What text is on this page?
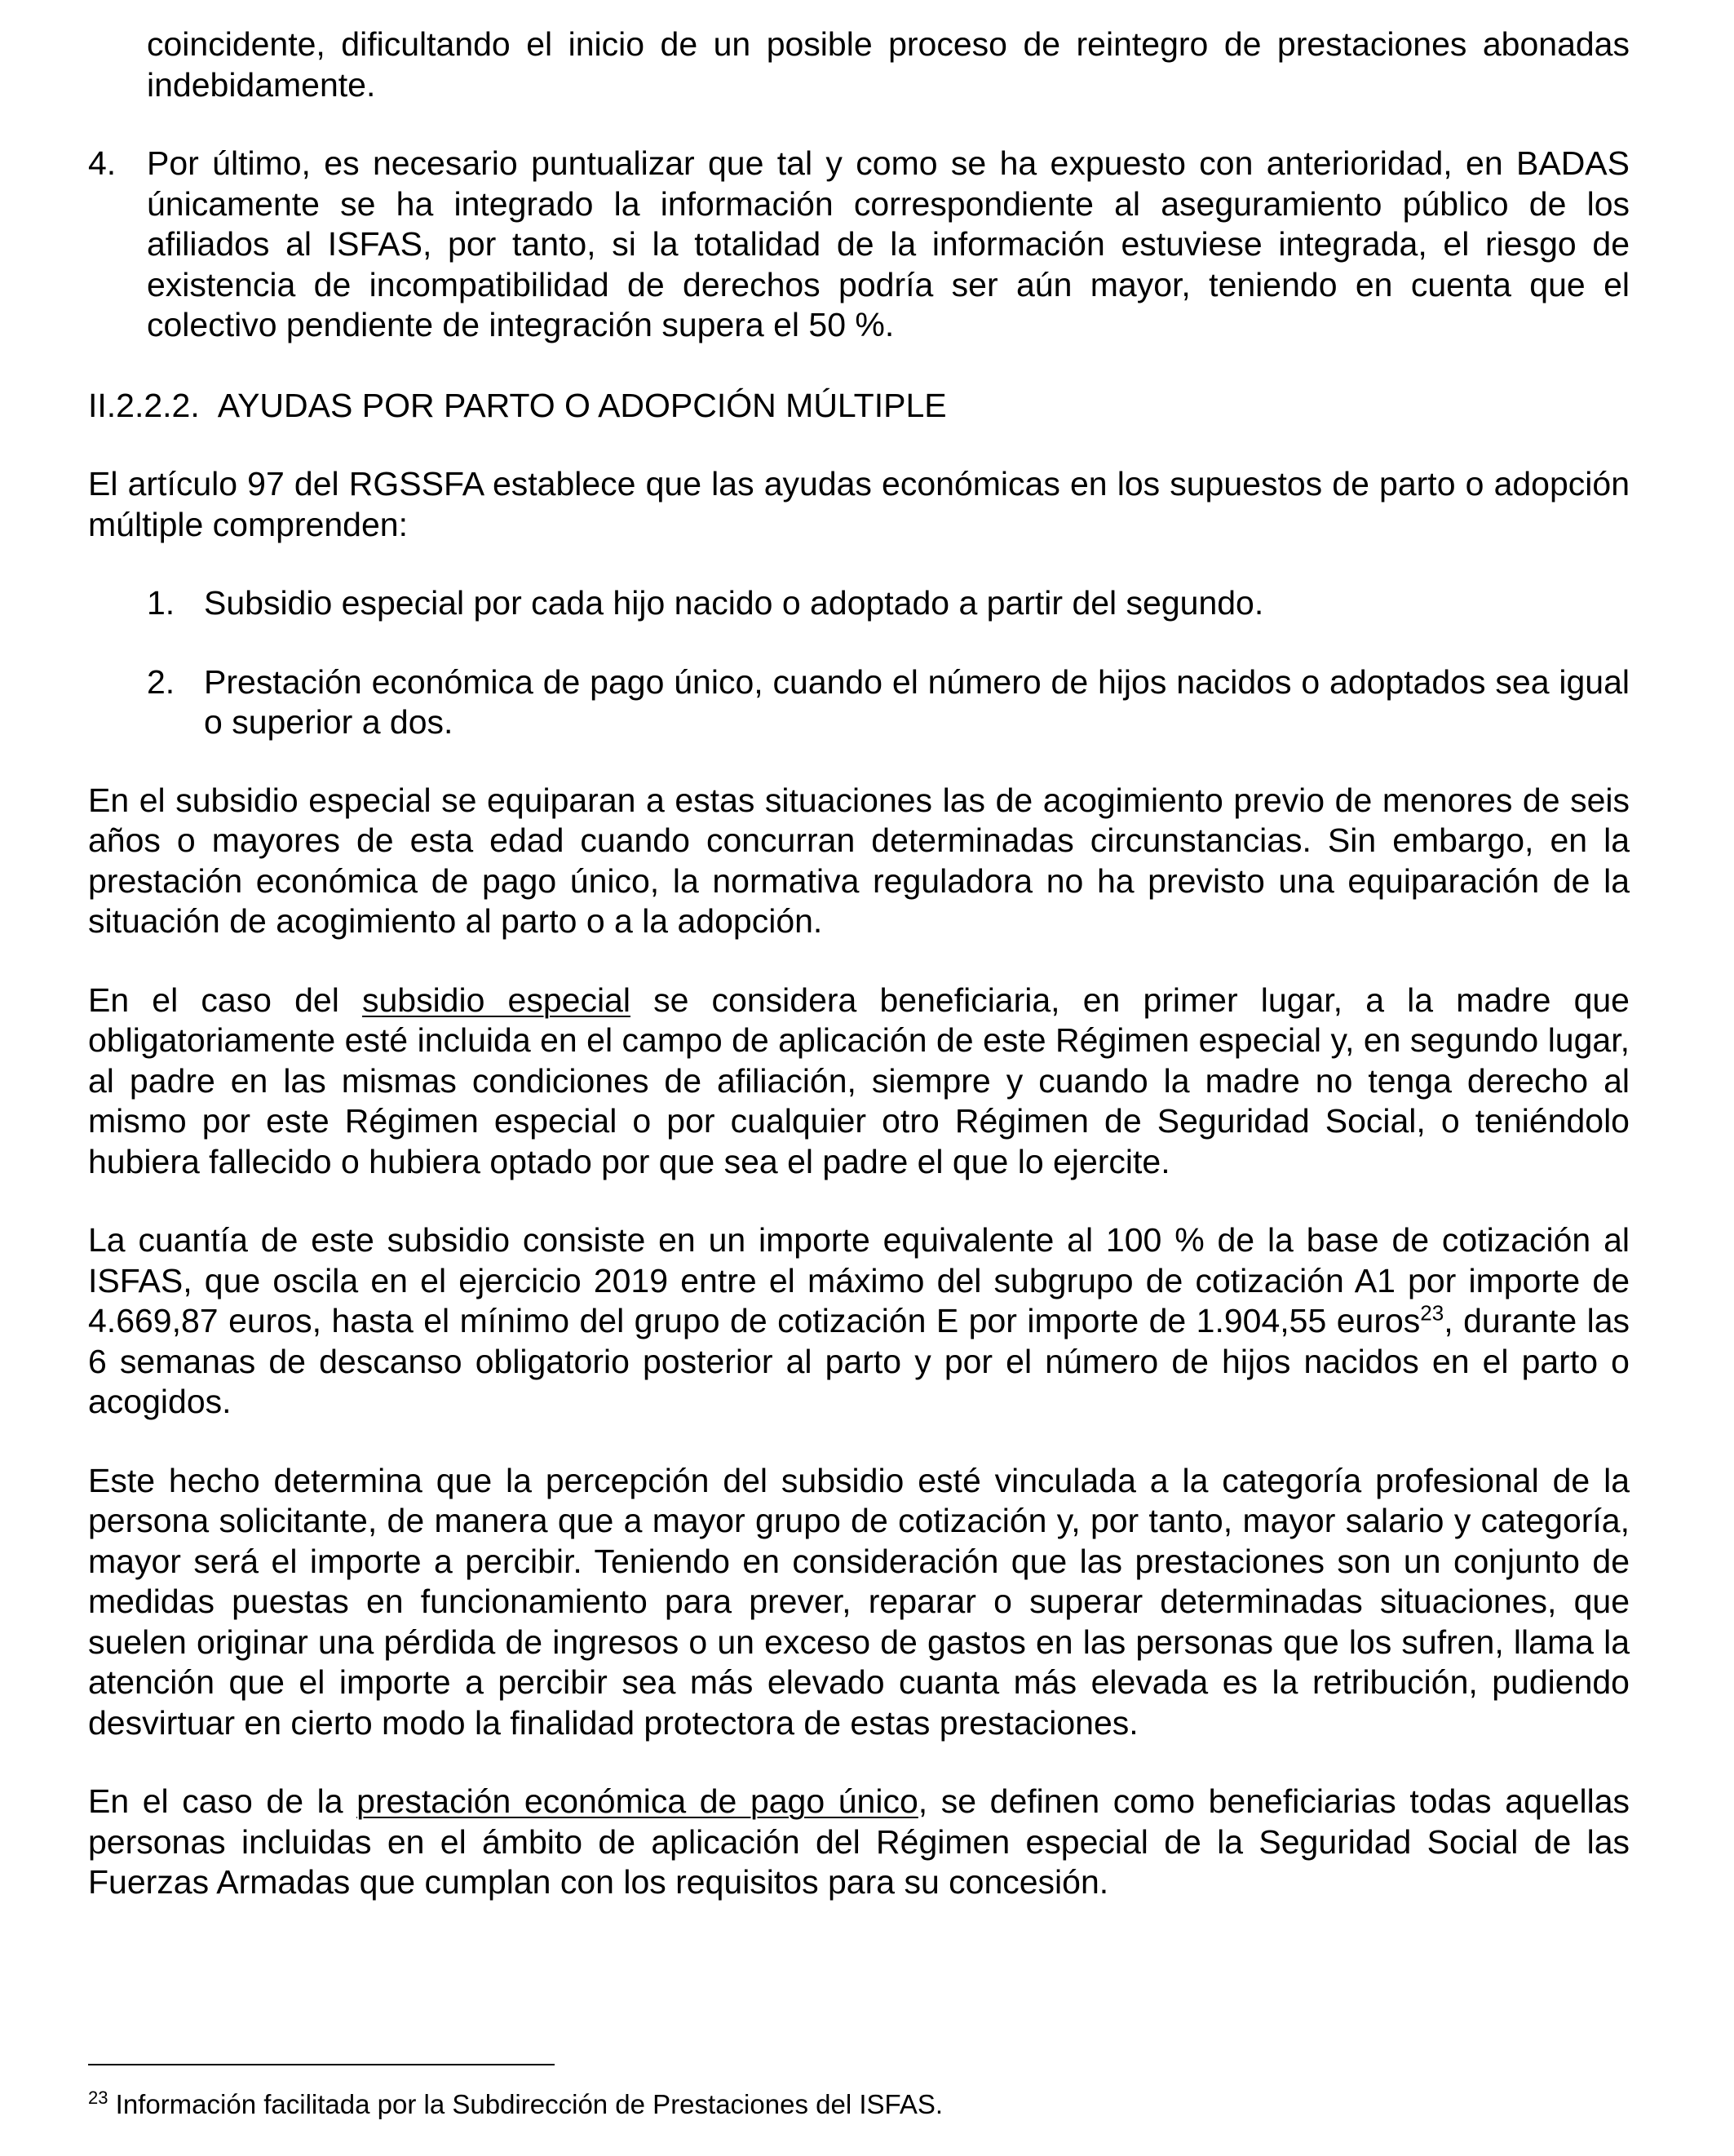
coincidente, dificultando el inicio de un posible proceso de reintegro de prestaciones abonadas indebidamente.

4. Por último, es necesario puntualizar que tal y como se ha expuesto con anterioridad, en BADAS únicamente se ha integrado la información correspondiente al aseguramiento público de los afiliados al ISFAS, por tanto, si la totalidad de la información estuviese integrada, el riesgo de existencia de incompatibilidad de derechos podría ser aún mayor, teniendo en cuenta que el colectivo pendiente de integración supera el 50 %.

II.2.2.2. AYUDAS POR PARTO O ADOPCIÓN MÚLTIPLE

El artículo 97 del RGSSFA establece que las ayudas económicas en los supuestos de parto o adopción múltiple comprenden:

1. Subsidio especial por cada hijo nacido o adoptado a partir del segundo.
2. Prestación económica de pago único, cuando el número de hijos nacidos o adoptados sea igual o superior a dos.

En el subsidio especial se equiparan a estas situaciones las de acogimiento previo de menores de seis años o mayores de esta edad cuando concurran determinadas circunstancias. Sin embargo, en la prestación económica de pago único, la normativa reguladora no ha previsto una equiparación de la situación de acogimiento al parto o a la adopción.

En el caso del subsidio especial se considera beneficiaria, en primer lugar, a la madre que obligatoriamente esté incluida en el campo de aplicación de este Régimen especial y, en segundo lugar, al padre en las mismas condiciones de afiliación, siempre y cuando la madre no tenga derecho al mismo por este Régimen especial o por cualquier otro Régimen de Seguridad Social, o teniéndolo hubiera fallecido o hubiera optado por que sea el padre el que lo ejercite.

La cuantía de este subsidio consiste en un importe equivalente al 100 % de la base de cotización al ISFAS, que oscila en el ejercicio 2019 entre el máximo del subgrupo de cotización A1 por importe de 4.669,87 euros, hasta el mínimo del grupo de cotización E por importe de 1.904,55 euros$^{23}$, durante las 6 semanas de descanso obligatorio posterior al parto y por el número de hijos nacidos en el parto o acogidos.

Este hecho determina que la percepción del subsidio esté vinculada a la categoría profesional de la persona solicitante, de manera que a mayor grupo de cotización y, por tanto, mayor salario y categoría, mayor será el importe a percibir. Teniendo en consideración que las prestaciones son un conjunto de medidas puestas en funcionamiento para prever, reparar o superar determinadas situaciones, que suelen originar una pérdida de ingresos o un exceso de gastos en las personas que los sufren, llama la atención que el importe a percibir sea más elevado cuanta más elevada es la retribución, pudiendo desvirtuar en cierto modo la finalidad protectora de estas prestaciones.

En el caso de la prestación económica de pago único, se definen como beneficiarias todas aquellas personas incluidas en el ámbito de aplicación del Régimen especial de la Seguridad Social de las Fuerzas Armadas que cumplan con los requisitos para su concesión.

$^{23}$ Información facilitada por la Subdirección de Prestaciones del ISFAS.
